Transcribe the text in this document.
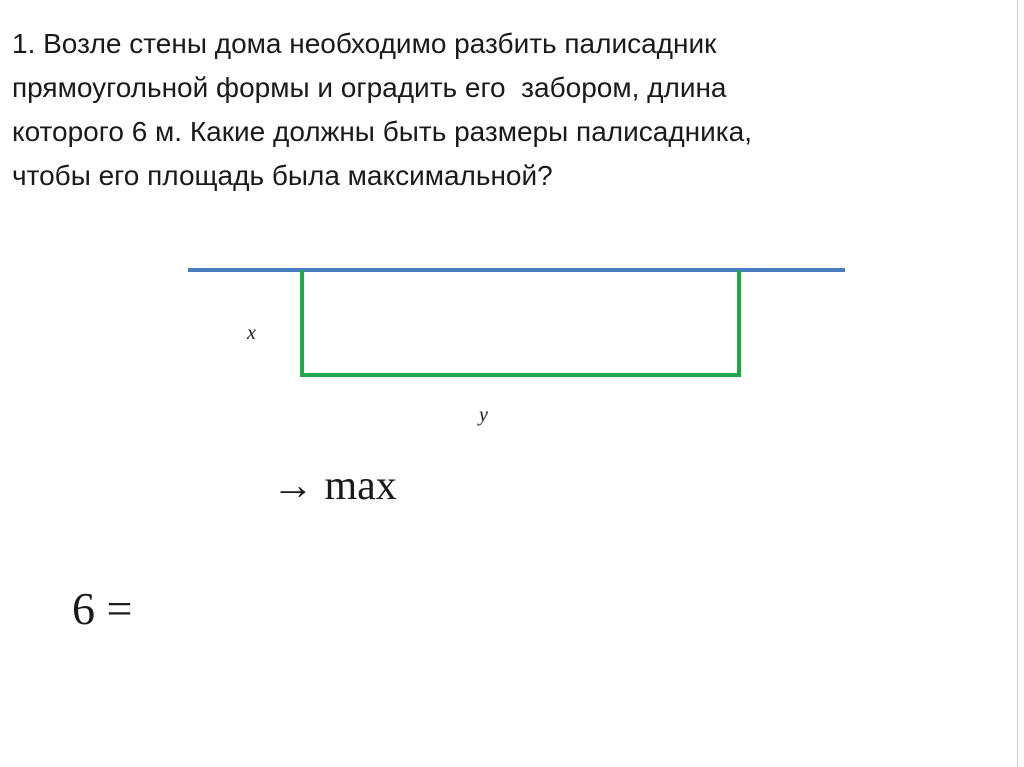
1. Возле стены дома необходимо разбить палисадник
прямоугольной формы и оградить его  забором, длина
которого 6 м. Какие должны быть размеры палисадника,
чтобы его площадь была максимальной?
x
y
→ max
6 =
